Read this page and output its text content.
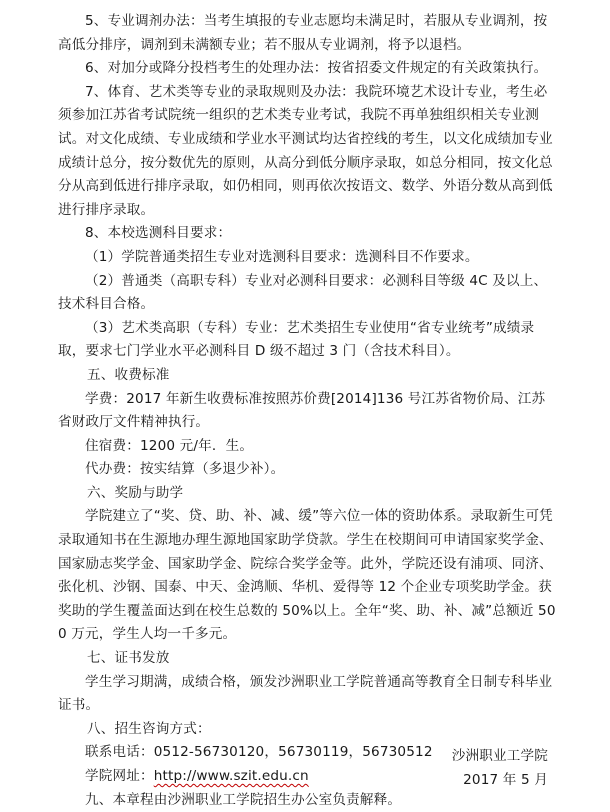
5、专业调剂办法：当考生填报的专业志愿均未满足时，若服从专业调剂，按高低分排序，调剂到未满额专业；若不服从专业调剂，将予以退档。

6、对加分或降分投档考生的处理办法：按省招委文件规定的有关政策执行。

7、体育、艺术类等专业的录取规则及办法：我院环境艺术设计专业，考生必须参加江苏省考试院统一组织的艺术类专业考试，我院不再单独组织相关专业测试。对文化成绩、专业成绩和学业水平测试均达省控线的考生，以文化成绩加专业成绩计总分，按分数优先的原则，从高分到低分顺序录取，如总分相同，按文化总分从高到低进行排序录取，如仍相同，则再依次按语文、数学、外语分数从高到低进行排序录取。

8、本校选测科目要求：

（1）学院普通类招生专业对选测科目要求：选测科目不作要求。

（2）普通类（高职专科）专业对必测科目要求：必测科目等级 4C 及以上、技术科目合格。

（3）艺术类高职（专科）专业：艺术类招生专业使用“省专业统考”成绩录取，要求七门学业水平必测科目 D 级不超过 3 门（含技术科目）。

五、收费标准

学费：2017 年新生收费标准按照苏价费[2014]136 号江苏省物价局、江苏省财政厅文件精神执行。

住宿费：1200 元/年．生。

代办费：按实结算（多退少补）。

六、奖励与助学

学院建立了“奖、贷、助、补、减、缓”等六位一体的资助体系。录取新生可凭录取通知书在生源地办理生源地国家助学贷款。学生在校期间可申请国家奖学金、国家励志奖学金、国家助学金、院综合奖学金等。此外，学院还设有浦项、同济、张化机、沙钢、国泰、中天、金鸿顺、华机、爱得等 12 个企业专项奖助学金。获奖助的学生覆盖面达到在校生总数的 50%以上。全年“奖、助、补、减”总额近 500 万元，学生人均一千多元。

七、证书发放

学生学习期满，成绩合格，颁发沙洲职业工学院普通高等教育全日制专科毕业证书。

八、招生咨询方式：

联系电话：0512-56730120，56730119，56730512

学院网址：http://www.szit.edu.cn

九、本章程由沙洲职业工学院招生办公室负责解释。

沙洲职业工学院

2017 年 5 月
